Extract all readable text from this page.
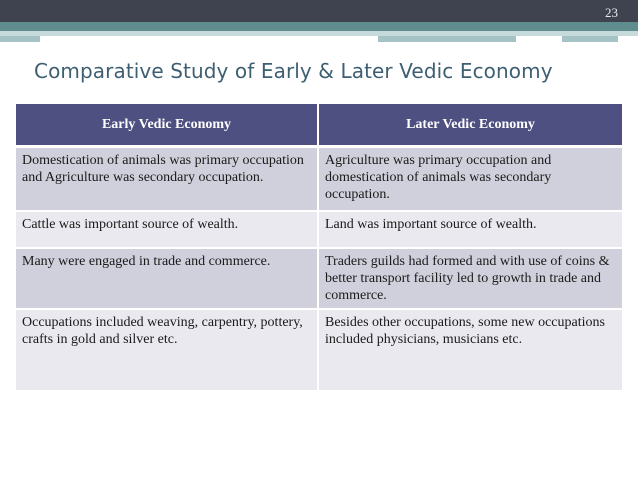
23
Comparative Study of Early & Later Vedic Economy
Early Vedic Economy	Later Vedic Economy
Domestication of animals was primary occupation and Agriculture was secondary occupation.	Agriculture was primary occupation and domestication of animals was secondary occupation.
Cattle was important source of wealth.	Land was important source of wealth.
Many were engaged in trade and commerce.	Traders guilds had formed and with use of coins & better transport facility led to growth in trade and commerce.
Occupations included weaving, carpentry, pottery, crafts in gold and silver etc.	Besides other occupations, some new occupations included physicians, musicians etc.
